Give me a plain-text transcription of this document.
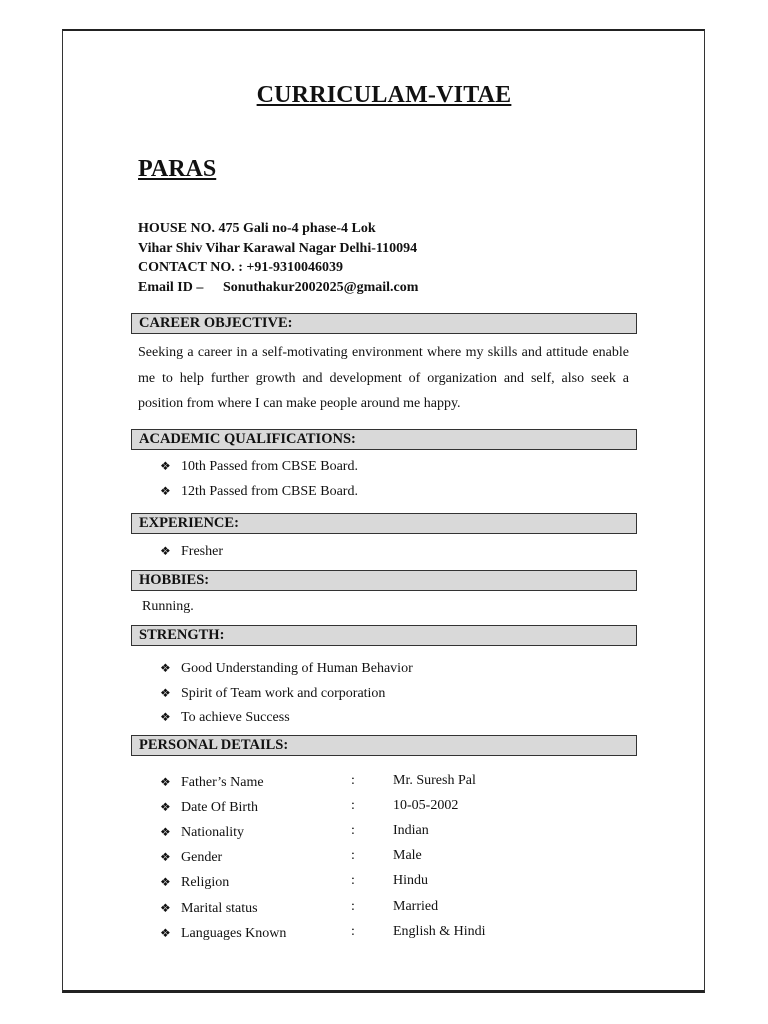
CURRICULAM-VITAE
PARAS
HOUSE NO. 475 Gali no-4 phase-4 Lok
Vihar Shiv Vihar Karawal Nagar Delhi-110094
CONTACT NO. : +91-9310046039
Email ID – Sonuthakur2002025@gmail.com
CAREER OBJECTIVE:
Seeking a career in a self-motivating environment where my skills and attitude enable me to help further growth and development of organization and self, also seek a position from where I can make people around me happy.
ACADEMIC QUALIFICATIONS:
❖ 10th Passed from CBSE Board.
❖ 12th Passed from CBSE Board.
EXPERIENCE:
❖ Fresher
HOBBIES:
Running.
STRENGTH:
❖ Good Understanding of Human Behavior
❖ Spirit of Team work and corporation
❖ To achieve Success
PERSONAL DETAILS:
❖ Father’s Name	:	Mr. Suresh Pal
❖ Date Of Birth	:	10-05-2002
❖ Nationality	:	Indian
❖ Gender	:	Male
❖ Religion	:	Hindu
❖ Marital status	:	Married
❖ Languages Known	:	English & Hindi
